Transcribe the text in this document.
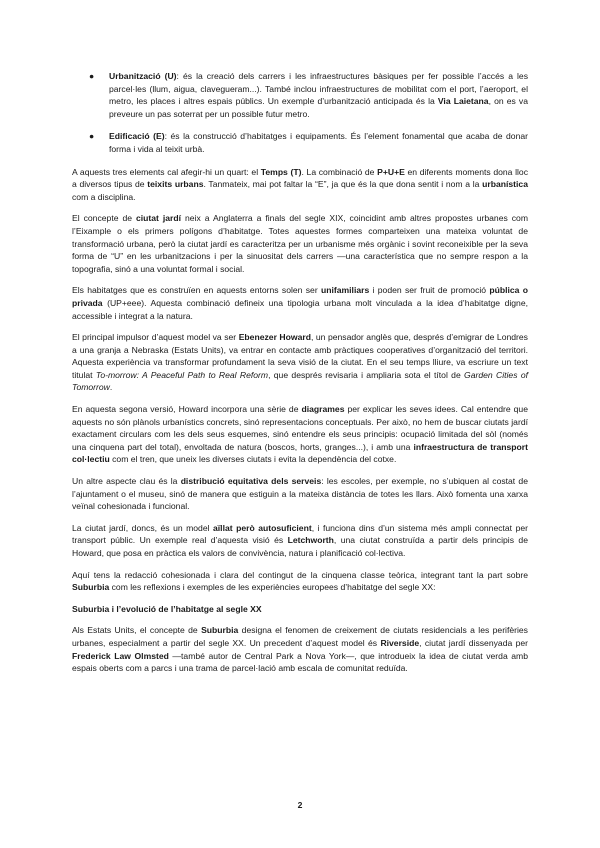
● Urbanització (U): és la creació dels carrers i les infraestructures bàsiques per fer possible l’accés a les parcel·les (llum, aigua, clavegueram...). També inclou infraestructures de mobilitat com el port, l’aeroport, el metro, les places i altres espais públics. Un exemple d’urbanització anticipada és la Via Laietana, on es va preveure un pas soterrat per un possible futur metro.
● Edificació (E): és la construcció d’habitatges i equipaments. És l’element fonamental que acaba de donar forma i vida al teixit urbà.

A aquests tres elements cal afegir-hi un quart: el Temps (T). La combinació de P+U+E en diferents moments dona lloc a diversos tipus de teixits urbans. Tanmateix, mai pot faltar la “E”, ja que és la que dona sentit i nom a la urbanística com a disciplina.

El concepte de ciutat jardí neix a Anglaterra a finals del segle XIX, coincidint amb altres propostes urbanes com l’Eixample o els primers polígons d’habitatge. Totes aquestes formes comparteixen una mateixa voluntat de transformació urbana, però la ciutat jardí es caracteritza per un urbanisme més orgànic i sovint reconeixible per la seva forma de “U” en les urbanitzacions i per la sinuositat dels carrers —una característica que no sempre respon a la topografia, sinó a una voluntat formal i social.

Els habitatges que es construïen en aquests entorns solen ser unifamiliars i poden ser fruit de promoció pública o privada (UP+eee). Aquesta combinació defineix una tipologia urbana molt vinculada a la idea d’habitatge digne, accessible i integrat a la natura.

El principal impulsor d’aquest model va ser Ebenezer Howard, un pensador anglès que, després d’emigrar de Londres a una granja a Nebraska (Estats Units), va entrar en contacte amb pràctiques cooperatives d’organització del territori. Aquesta experiència va transformar profundament la seva visió de la ciutat. En el seu temps lliure, va escriure un text titulat To-morrow: A Peaceful Path to Real Reform, que després revisaria i ampliaria sota el títol de Garden Cities of Tomorrow.

En aquesta segona versió, Howard incorpora una sèrie de diagrames per explicar les seves idees. Cal entendre que aquests no són plànols urbanístics concrets, sinó representacions conceptuals. Per això, no hem de buscar ciutats jardí exactament circulars com les dels seus esquemes, sinó entendre els seus principis: ocupació limitada del sòl (només una cinquena part del total), envoltada de natura (boscos, horts, granges...), i amb una infraestructura de transport col·lectiu com el tren, que uneix les diverses ciutats i evita la dependència del cotxe.

Un altre aspecte clau és la distribució equitativa dels serveis: les escoles, per exemple, no s’ubiquen al costat de l’ajuntament o el museu, sinó de manera que estiguin a la mateixa distància de totes les llars. Això fomenta una xarxa veïnal cohesionada i funcional.

La ciutat jardí, doncs, és un model aïllat però autosuficient, i funciona dins d’un sistema més ampli connectat per transport públic. Un exemple real d’aquesta visió és Letchworth, una ciutat construïda a partir dels principis de Howard, que posa en pràctica els valors de convivència, natura i planificació col·lectiva.

Aquí tens la redacció cohesionada i clara del contingut de la cinquena classe teòrica, integrant tant la part sobre Suburbia com les reflexions i exemples de les experiències europees d’habitatge del segle XX:

Suburbia i l’evolució de l’habitatge al segle XX

Als Estats Units, el concepte de Suburbia designa el fenomen de creixement de ciutats residencials a les perifèries urbanes, especialment a partir del segle XX. Un precedent d’aquest model és Riverside, ciutat jardí dissenyada per Frederick Law Olmsted —també autor de Central Park a Nova York—, que introdueix la idea de ciutat verda amb espais oberts com a parcs i una trama de parcel·lació amb escala de comunitat reduïda.

2
